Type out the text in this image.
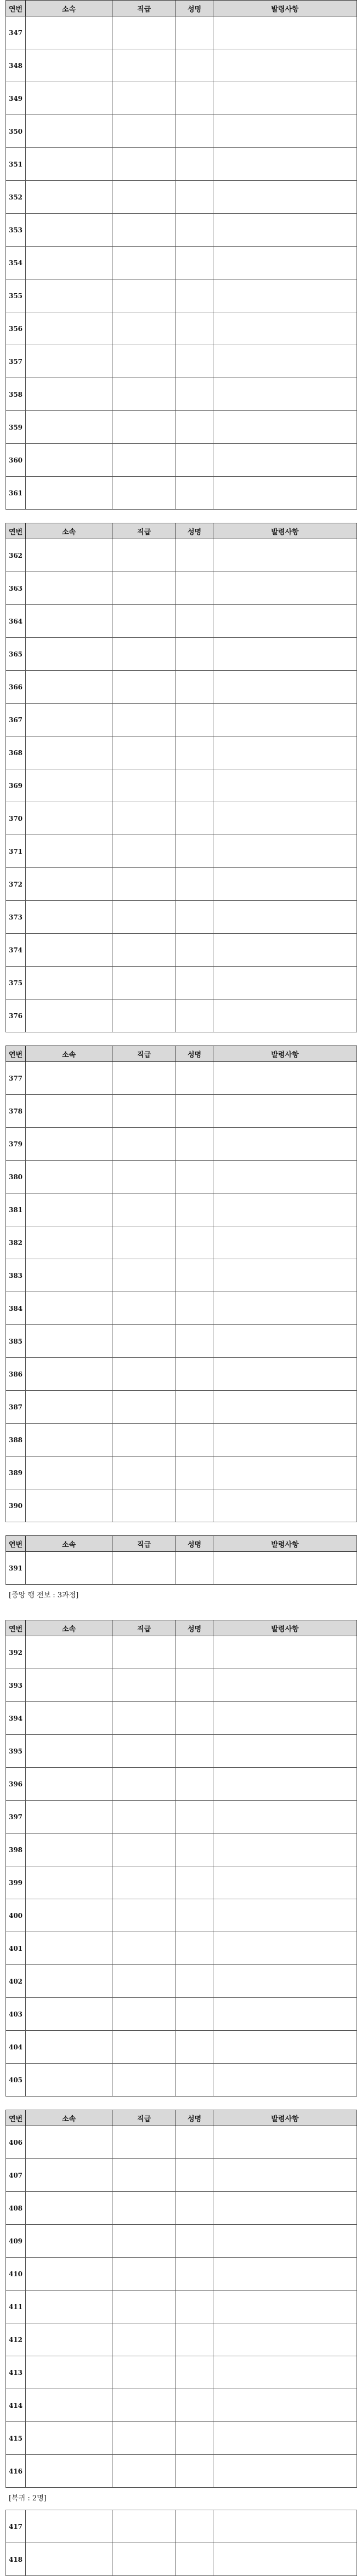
연번	소속	직급	성명	발령사항
347				
348				
349				
350				
351				
352				
353				
354				
355				
356				
357				
358				
359				
360				
361				
연번	소속	직급	성명	발령사항
362				
363				
364				
365				
366				
367				
368				
369				
370				
371				
372				
373				
374				
375				
376				
연번	소속	직급	성명	발령사항
377				
378				
379				
380				
381				
382				
383				
384				
385				
386				
387				
388				
389				
390				
연번	소속	직급	성명	발령사항
391				
[중앙 행 전보 : 3과정]
연번	소속	직급	성명	발령사항
392				
393				
394				
395				
396				
397				
398				
399				
400				
401				
402				
403				
404				
405				
연번	소속	직급	성명	발령사항
406				
407				
408				
409				
410				
411				
412				
413				
414				
415				
416				
[복귀 : 2명]
417				
418				
